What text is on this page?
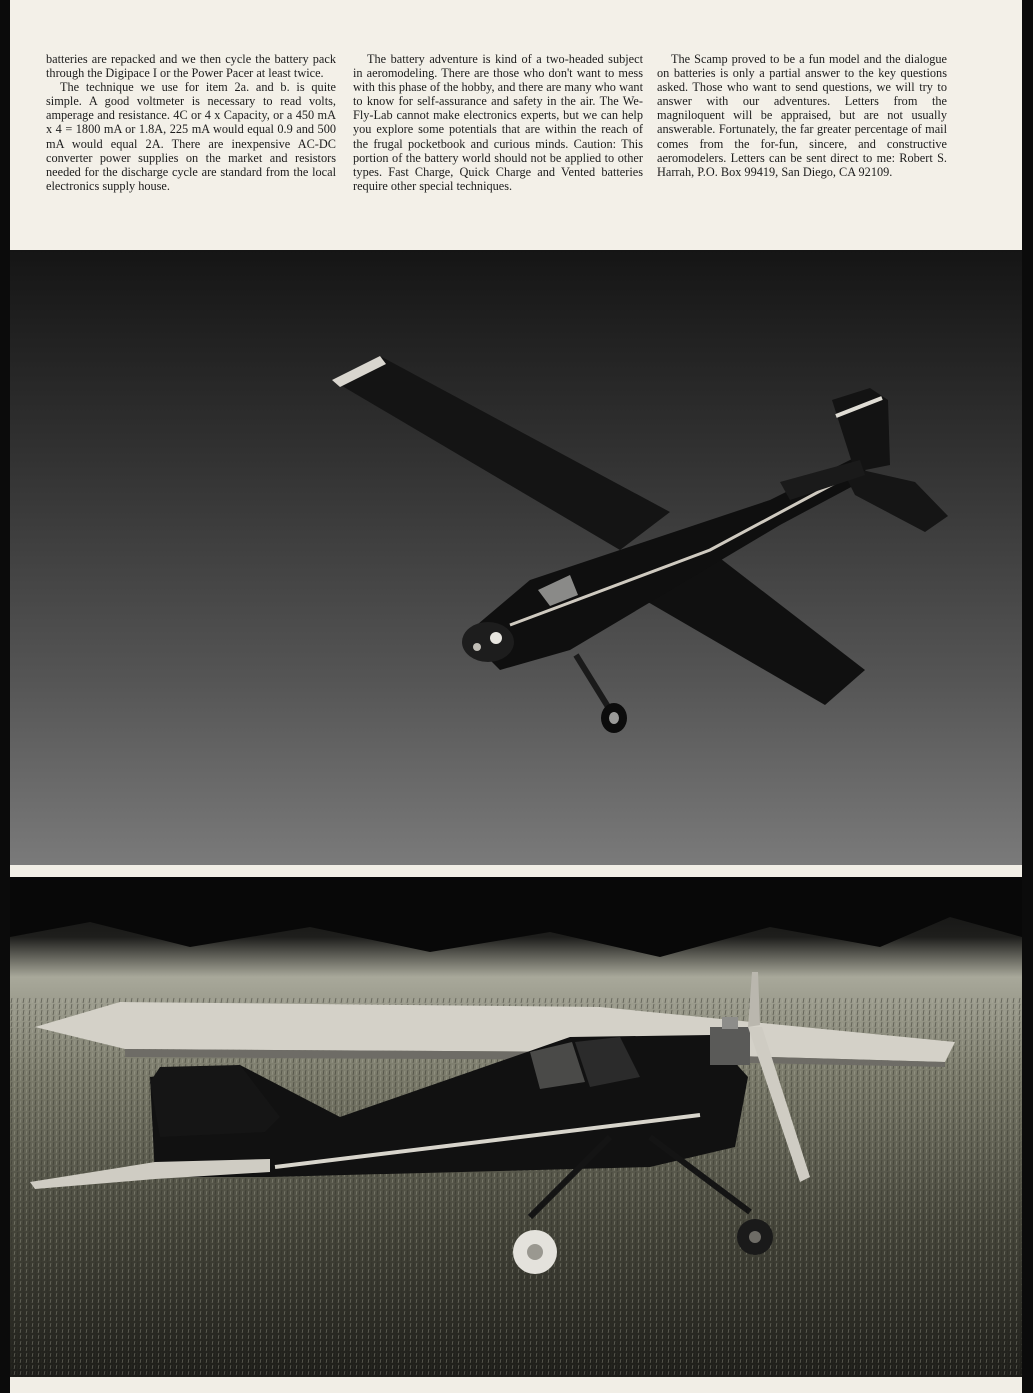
batteries are repacked and we then cycle the battery pack through the Digipace I or the Power Pacer at least twice.

The technique we use for item 2a. and b. is quite simple. A good voltmeter is necessary to read volts, amperage and resistance. 4C or 4 x Capacity, or a 450 mA x 4 = 1800 mA or 1.8A, 225 mA would equal 0.9 and 500 mA would equal 2A. There are inexpensive AC-DC converter power supplies on the market and resistors needed for the discharge cycle are standard from the local electronics supply house.

The battery adventure is kind of a two-headed subject in aeromodeling. There are those who don't want to mess with this phase of the hobby, and there are many who want to know for self-assurance and safety in the air. The We-Fly-Lab cannot make electronics experts, but we can help you explore some potentials that are within the reach of the frugal pocketbook and curious minds. Caution: This portion of the battery world should not be applied to other types. Fast Charge, Quick Charge and Vented batteries require other special techniques.

The Scamp proved to be a fun model and the dialogue on batteries is only a partial answer to the key questions asked. Those who want to send questions, we will try to answer with our adventures. Letters from the magniloquent will be appraised, but are not usually answerable. Fortunately, the far greater percentage of mail comes from the for-fun, sincere, and constructive aeromodelers. Letters can be sent direct to me: Robert S. Harrah, P.O. Box 99419, San Diego, CA 92109.
